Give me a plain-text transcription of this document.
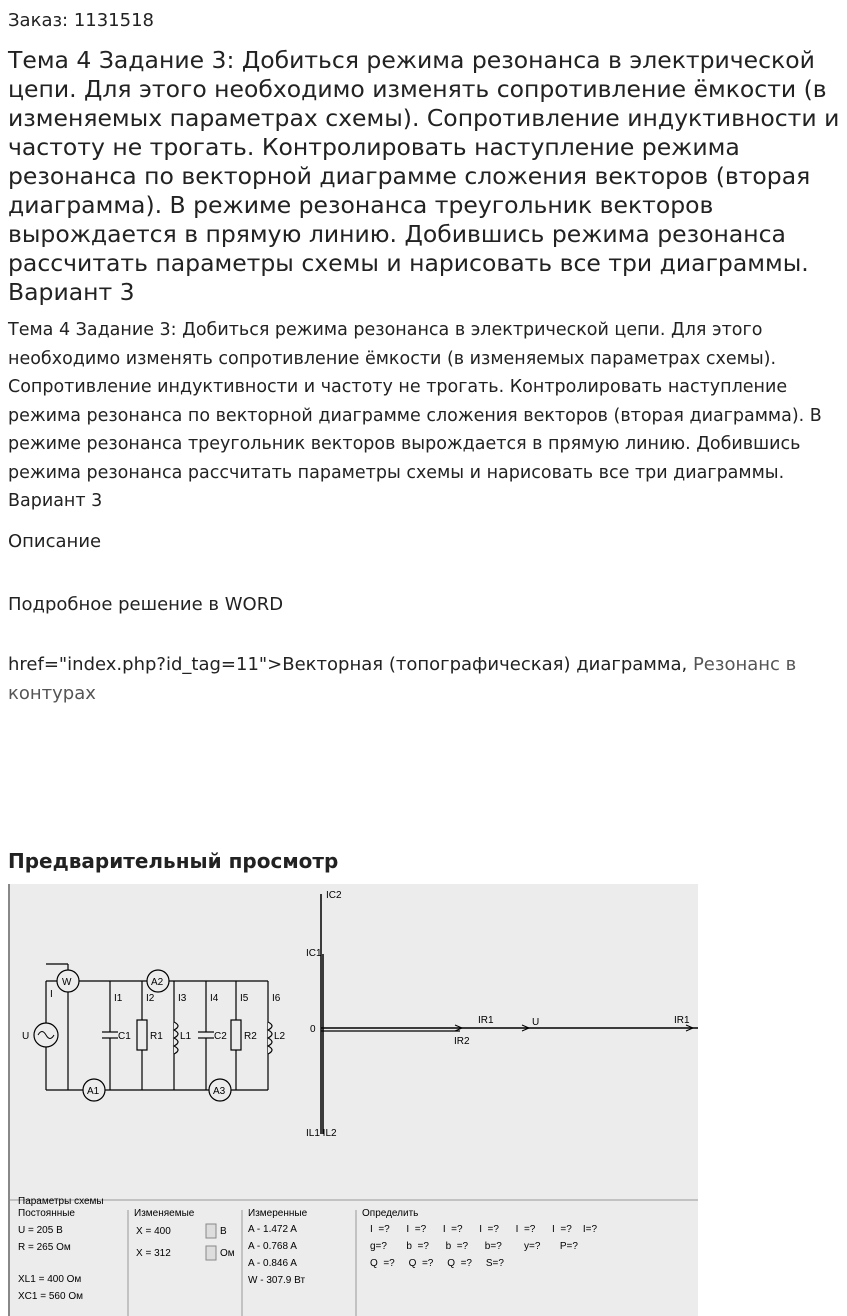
Заказ: 1131518
Тема 4 Задание 3: Добиться режима резонанса в электрической цепи. Для этого необходимо изменять сопротивление ёмкости (в изменяемых параметрах схемы). Сопротивление индуктивности и частоту не трогать. Контролировать наступление режима резонанса по векторной диаграмме сложения векторов (вторая диаграмма). В режиме резонанса треугольник векторов вырождается в прямую линию. Добившись режима резонанса рассчитать параметры схемы и нарисовать все три диаграммы. Вариант 3
Тема 4 Задание 3: Добиться режима резонанса в электрической цепи. Для этого необходимо изменять сопротивление ёмкости (в изменяемых параметрах схемы). Сопротивление индуктивности и частоту не трогать. Контролировать наступление режима резонанса по векторной диаграмме сложения векторов (вторая диаграмма). В режиме резонанса треугольник векторов вырождается в прямую линию. Добившись режима резонанса рассчитать параметры схемы и нарисовать все три диаграммы. Вариант 3
Описание
Подробное решение в WORD
href="index.php?id_tag=11">Векторная (топографическая) диаграмма, Резонанс в контурах
Предварительный просмотр
U
W	A2
A1	A3
C1 R1 L1 C2 R2 L2
I	I1 I2 I3 I4 I5 I6
IC2
IC1
0
IR1	U
IR2
IR1
IL1 IL2
Параметры схемы
Постоянные
U = 205 В
R = 265 Ом
XL1 = 400 Ом
XC1 = 560 Ом
Изменяемые
X = 400
X = 312
В
Ом
Измеренные
A - 1.472 A
A - 0.768 A
A - 0.846 A
W - 307.9 Вт
Определить
I  =?      I  =?      I  =?      I  =?      I  =?      I  =?    I=?
g=?       b  =?      b  =?      b=?        y=?       P=?
Q  =?     Q  =?     Q  =?     S=?
